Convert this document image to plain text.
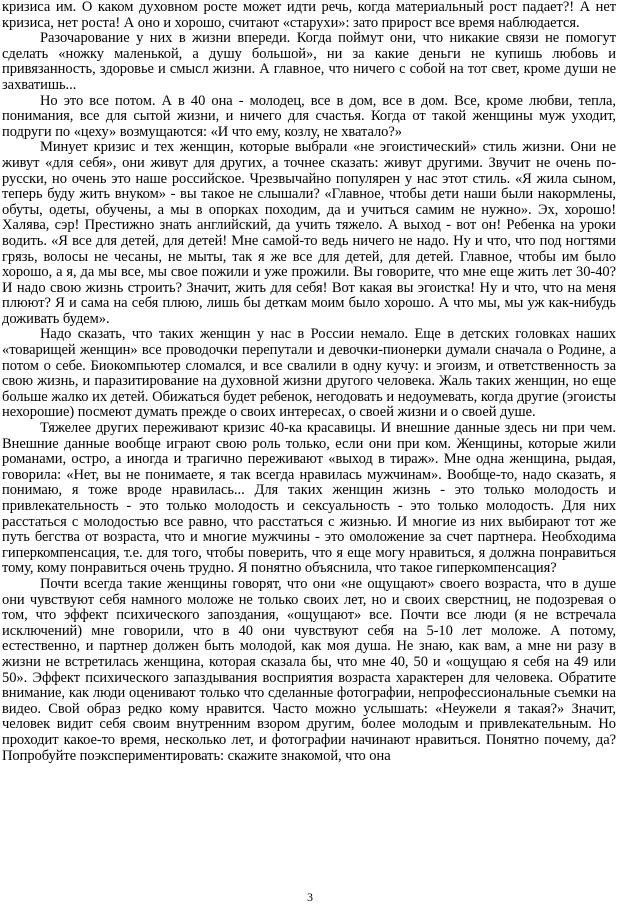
кризиса им. О каком духовном росте может идти речь, когда материальный рост падает?! А нет кризиса, нет роста! А оно и хорошо, считают «старухи»: зато прирост все время наблюдается.

Разочарование у них в жизни впереди. Когда поймут они, что никакие связи не помогут сделать «ножку маленькой, а душу большой», ни за какие деньги не купишь любовь и привязанность, здоровье и смысл жизни. А главное, что ничего с собой на тот свет, кроме души не захватишь...

Но это все потом. А в 40 она - молодец, все в дом, все в дом. Все, кроме любви, тепла, понимания, все для сытой жизни, и ничего для счастья. Когда от такой женщины муж уходит, подруги по «цеху» возмущаются: «И что ему, козлу, не хватало?»

Минует кризис и тех женщин, которые выбрали «не эгоистический» стиль жизни. Они не живут «для себя», они живут для других, а точнее сказать: живут другими. Звучит не очень по-русски, но очень это наше российское. Чрезвычайно популярен у нас этот стиль. «Я жила сыном, теперь буду жить внуком» - вы такое не слышали? «Главное, чтобы дети наши были накормлены, обуты, одеты, обучены, а мы в опорках походим, да и учиться самим не нужно». Эх, хорошо! Халява, сэр! Престижно знать английский, да учить тяжело. А выход - вот он! Ребенка на уроки водить. «Я все для детей, для детей! Мне самой-то ведь ничего не надо. Ну и что, что под ногтями грязь, волосы не чесаны, не мыты, так я же все для детей, для детей. Главное, чтобы им было хорошо, а я, да мы все, мы свое пожили и уже прожили. Вы говорите, что мне еще жить лет 30-40? И надо свою жизнь строить? Значит, жить для себя! Вот какая вы эгоистка! Ну и что, что на меня плюют? Я и сама на себя плюю, лишь бы деткам моим было хорошо. А что мы, мы уж как-нибудь доживать будем».

Надо сказать, что таких женщин у нас в России немало. Еще в детских головках наших «товарищей женщин» все проводочки перепутали и девочки-пионерки думали сначала о Родине, а потом о себе. Биокомпьютер сломался, и все свалили в одну кучу: и эгоизм, и ответственность за свою жизнь, и паразитирование на духовной жизни другого человека. Жаль таких женщин, но еще больше жалко их детей. Обижаться будет ребенок, негодовать и недоумевать, когда другие (эгоисты нехорошие) посмеют думать прежде о своих интересах, о своей жизни и о своей душе.

Тяжелее других переживают кризис 40-ка красавицы. И внешние данные здесь ни при чем. Внешние данные вообще играют свою роль только, если они при ком. Женщины, которые жили романами, остро, а иногда и трагично переживают «выход в тираж». Мне одна женщина, рыдая, говорила: «Нет, вы не понимаете, я так всегда нравилась мужчинам». Вообще-то, надо сказать, я понимаю, я тоже вроде нравилась... Для таких женщин жизнь - это только молодость и привлекательность - это только молодость и сексуальность - это только молодость. Для них расстаться с молодостью все равно, что расстаться с жизнью. И многие из них выбирают тот же путь бегства от возраста, что и многие мужчины - это омоложение за счет партнера. Необходима гиперкомпенсация, т.е. для того, чтобы поверить, что я еще могу нравиться, я должна понравиться тому, кому понравиться очень трудно. Я понятно объяснила, что такое гиперкомпенсация?

Почти всегда такие женщины говорят, что они «не ощущают» своего возраста, что в душе они чувствуют себя намного моложе не только своих лет, но и своих сверстниц, не подозревая о том, что эффект психического запоздания, «ощущают» все. Почти все люди (я не встречала исключений) мне говорили, что в 40 они чувствуют себя на 5-10 лет моложе. А потому, естественно, и партнер должен быть молодой, как моя душа. Не знаю, как вам, а мне ни разу в жизни не встретилась женщина, которая сказала бы, что мне 40, 50 и «ощущаю я себя на 49 или 50». Эффект психического запаздывания восприятия возраста характерен для человека. Обратите внимание, как люди оценивают только что сделанные фотографии, непрофессиональные съемки на видео. Свой образ редко кому нравится. Часто можно услышать: «Неужели я такая?» Значит, человек видит себя своим внутренним взором другим, более молодым и привлекательным. Но проходит какое-то время, несколько лет, и фотографии начинают нравиться. Понятно почему, да? Попробуйте поэкспериментировать: скажите знакомой, что она

3
